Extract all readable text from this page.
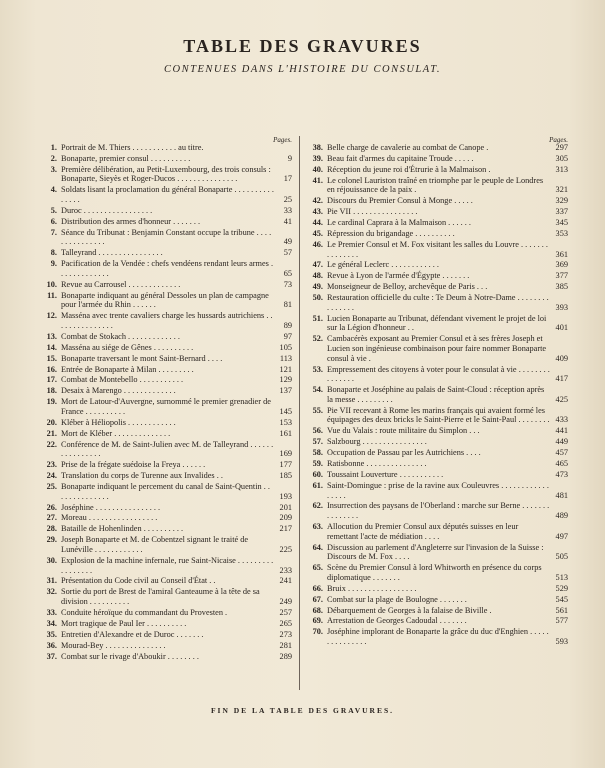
TABLE DES GRAVURES
CONTENUES DANS L'HISTOIRE DU CONSULAT.
Pages.
1. Portrait de M. Thiers . . . . . . . . . . . au titre.
2. Bonaparte, premier consul . . . . . . . . . .	9
3. Première délibération, au Petit-Luxembourg, des trois consuls : Bonaparte, Sieyès et Roger-Ducos . . . . . . . . . . . . . . .	17
4. Soldats lisant la proclamation du général Bonaparte . . . . . . . . . . . . . . .	25
5. Duroc . . . . . . . . . . . . . . . . .	33
6. Distribution des armes d'honneur . . . . . . .	41
7. Séance du Tribunat : Benjamin Constant occupe la tribune . . . . . . . . . . . . . . .	49
8. Talleyrand . . . . . . . . . . . . . . . .	57
9. Pacification de la Vendée : chefs vendéens rendant leurs armes . . . . . . . . . . . . .	65
10. Revue au Carrousel . . . . . . . . . . . . .	73
11. Bonaparte indiquant au général Dessoles un plan de campagne pour l'armée du Rhin . . . . . .	81
12. Masséna avec trente cavaliers charge les hussards autrichiens . . . . . . . . . . . . . . .	89
13. Combat de Stokach . . . . . . . . . . . . .	97
14. Masséna au siége de Gênes . . . . . . . . . .	105
15. Bonaparte traversant le mont Saint-Bernard . . . .	113
16. Entrée de Bonaparte à Milan . . . . . . . . .	121
17. Combat de Montebello . . . . . . . . . . .	129
18. Desaix à Marengo . . . . . . . . . . . . .	137
19. Mort de Latour-d'Auvergne, surnommé le premier grenadier de France . . . . . . . . . .	145
20. Kléber à Héliopolis . . . . . . . . . . . .	153
21. Mort de Kléber . . . . . . . . . . . . . .	161
22. Conférence de M. de Saint-Julien avec M. de Talleyrand . . . . . . . . . . . . . . . .	169
23. Prise de la frégate suédoise la Freya . . . . . .	177
24. Translation du corps de Turenne aux Invalides . .	185
25. Bonaparte indiquant le percement du canal de Saint-Quentin . . . . . . . . . . . . . .	193
26. Joséphine . . . . . . . . . . . . . . . .	201
27. Moreau . . . . . . . . . . . . . . . . .	209
28. Bataille de Hohenlinden . . . . . . . . . .	217
29. Joseph Bonaparte et M. de Cobentzel signant le traité de Lunéville . . . . . . . . . . . .	225
30. Explosion de la machine infernale, rue Saint-Nicaise . . . . . . . . . . . . . . . . .	233
31. Présentation du Code civil au Conseil d'État . .	241
32. Sortie du port de Brest de l'amiral Ganteaume à la tête de sa division . . . . . . . . . .	249
33. Conduite héroïque du commandant du Provesten .	257
34. Mort tragique de Paul Ier . . . . . . . . . .	265
35. Entretien d'Alexandre et de Duroc . . . . . . .	273
36. Mourad-Bey . . . . . . . . . . . . . . .	281
37. Combat sur le rivage d'Aboukir . . . . . . . .	289
Pages.
38. Belle charge de cavalerie au combat de Canope .	297
39. Beau fait d'armes du capitaine Troude . . . . .	305
40. Réception du jeune roi d'Étrurie à la Malmaison .	313
41. Le colonel Lauriston traîné en triomphe par le peuple de Londres en réjouissance de la paix .	321
42. Discours du Premier Consul à Monge . . . . .	329
43. Pie VII . . . . . . . . . . . . . . . .	337
44. Le cardinal Caprara à la Malmaison . . . . . .	345
45. Répression du brigandage . . . . . . . . . .	353
46. Le Premier Consul et M. Fox visitant les salles du Louvre . . . . . . . . . . . . . . .	361
47. Le général Leclerc . . . . . . . . . . . .	369
48. Revue à Lyon de l'armée d'Égypte . . . . . . .	377
49. Monseigneur de Belloy, archevêque de Paris . . .	385
50. Restauration officielle du culte : Te Deum à Notre-Dame . . . . . . . . . . . . . . .	393
51. Lucien Bonaparte au Tribunat, défendant vivement le projet de loi sur la Légion d'honneur . .	401
52. Cambacérès exposant au Premier Consul et à ses frères Joseph et Lucien son ingénieuse combinaison pour faire nommer Bonaparte consul à vie .	409
53. Empressement des citoyens à voter pour le consulat à vie . . . . . . . . . . . . . . .	417
54. Bonaparte et Joséphine au palais de Saint-Cloud : réception après la messe . . . . . . . . .	425
55. Pie VII recevant à Rome les marins français qui avaient formé les équipages des deux bricks le Saint-Pierre et le Saint-Paul . . . . . . . . 433
56. Vue du Valais : route militaire du Simplon . . .	441
57. Salzbourg . . . . . . . . . . . . . . . .	449
58. Occupation de Passau par les Autrichiens . . . .	457
59. Ratisbonne . . . . . . . . . . . . . . .	465
60. Toussaint Louverture . . . . . . . . . . .	473
61. Saint-Domingue : prise de la ravine aux Couleuvres . . . . . . . . . . . . . . . . .	481
62. Insurrection des paysans de l'Oberland : marche sur Berne . . . . . . . . . . . . . . .	489
63. Allocution du Premier Consul aux députés suisses en leur remettant l'acte de médiation . . . .	497
64. Discussion au parlement d'Angleterre sur l'invasion de la Suisse : Discours de M. Fox . . . .	505
65. Scène du Premier Consul à lord Whitworth en présence du corps diplomatique . . . . . . .	513
66. Bruix . . . . . . . . . . . . . . . . .	529
67. Combat sur la plage de Boulogne . . . . . . .	545
68. Débarquement de Georges à la falaise de Biville .	561
69. Arrestation de Georges Cadoudal . . . . . . .	577
70. Joséphine implorant de Bonaparte la grâce du duc d'Enghien . . . . . . . . . . . . . . .	593
FIN DE LA TABLE DES GRAVURES.
